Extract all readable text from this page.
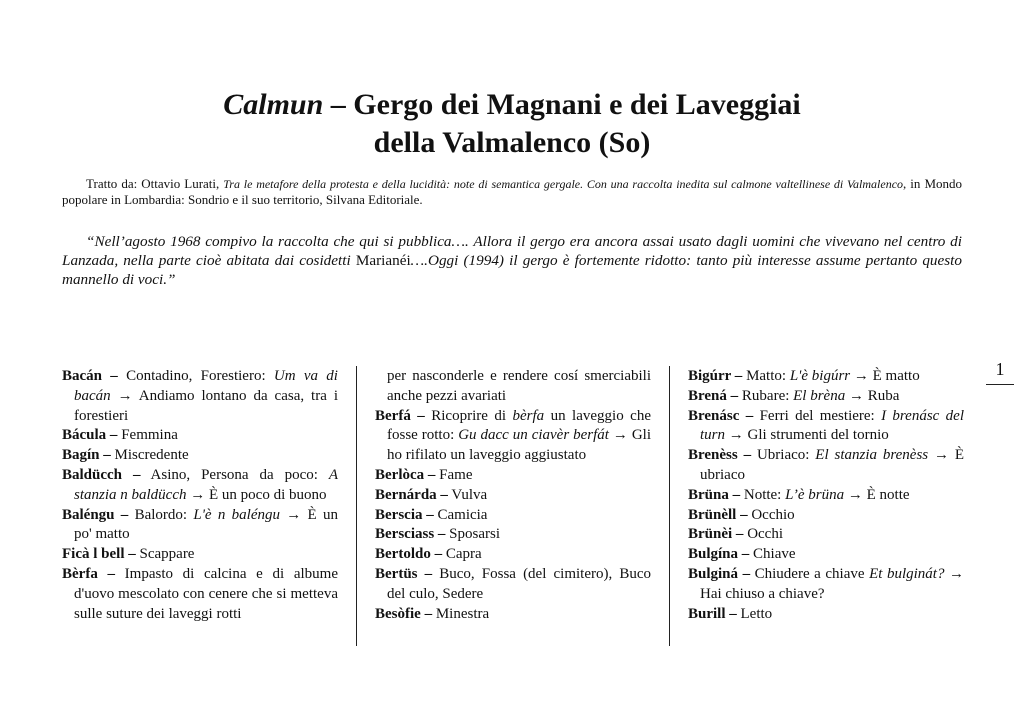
Calmun – Gergo dei Magnani e dei Laveggiai
della Valmalenco (So)

Tratto da: Ottavio Lurati, Tra le metafore della protesta e della lucidità: note di semantica gergale. Con una raccolta inedita sul calmone valtellinese di Valmalenco, in Mondo popolare in Lombardia: Sondrio e il suo territorio, Silvana Editoriale.

“Nell’agosto 1968 compivo la raccolta che qui si pubblica…. Allora il gergo era ancora assai usato dagli uomini che vivevano nel centro di Lanzada, nella parte cioè abitata dai cosidetti Marianéi….Oggi (1994) il gergo è fortemente ridotto: tanto più interesse assume pertanto questo mannello di voci.”

Bacán – Contadino, Forestiero: Um va di bacán → Andiamo lontano da casa, tra i forestieri

Bácula – Femmina

Bagín – Miscredente

Baldücch – Asino, Persona da poco: A stanzia n baldücch → È un poco di buono

Baléngu – Balordo: L'è n baléngu → È un po' matto

Ficà l bell – Scappare

Bèrfa – Impasto di calcina e di albume d'uovo mescolato con cenere che si metteva sulle suture dei laveggi rotti

per nasconderle e rendere cosí smerciabili anche pezzi avariati

Berfá – Ricoprire di bèrfa un laveggio che fosse rotto: Gu dacc un ciavèr berfát → Gli ho rifilato un laveggio aggiustato

Berlòca – Fame

Bernárda – Vulva

Berscia – Camicia

Bersciass – Sposarsi

Bertoldo – Capra

Bertüs – Buco, Fossa (del cimitero), Buco del culo, Sedere

Besòfie – Minestra

Bigúrr – Matto: L'è bigúrr → È matto

Brená – Rubare: El brèna → Ruba

Brenásc – Ferri del mestiere: I brenásc del turn → Gli strumenti del tornio

Brenèss – Ubriaco: El stanzia brenèss → È ubriaco

Brüna – Notte: L’è brüna → È notte

Brünèll – Occhio

Brünèi – Occhi

Bulgína – Chiave

Bulginá – Chiudere a chiave Et bulginát? → Hai chiuso a chiave?

Burill – Letto

1
